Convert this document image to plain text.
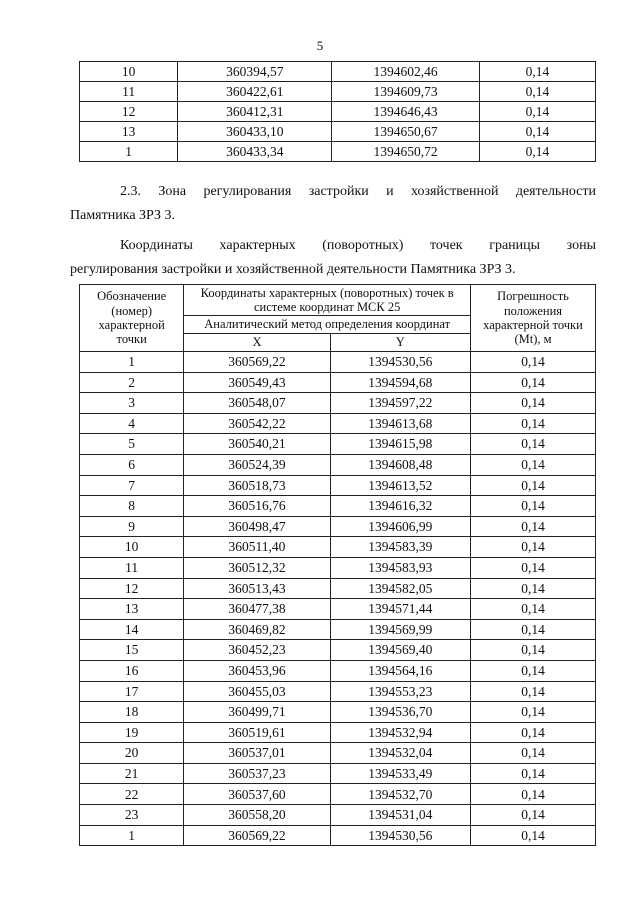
5
10	360394,57	1394602,46	0,14
11	360422,61	1394609,73	0,14
12	360412,31	1394646,43	0,14
13	360433,10	1394650,67	0,14
1	360433,34	1394650,72	0,14

2.3. Зона регулирования застройки и хозяйственной деятельности

Памятника ЗРЗ 3.

Координаты характерных (поворотных) точек границы зоны

регулирования застройки и хозяйственной деятельности Памятника ЗРЗ 3.

Обозначение (номер) характерной точки	Координаты характерных (поворотных) точек в системе координат МСК 25		Погрешность положения характерной точки (Mt), м
	Аналитический метод определения координат		
	X	Y	
1	360569,22	1394530,56	0,14
2	360549,43	1394594,68	0,14
3	360548,07	1394597,22	0,14
4	360542,22	1394613,68	0,14
5	360540,21	1394615,98	0,14
6	360524,39	1394608,48	0,14
7	360518,73	1394613,52	0,14
8	360516,76	1394616,32	0,14
9	360498,47	1394606,99	0,14
10	360511,40	1394583,39	0,14
11	360512,32	1394583,93	0,14
12	360513,43	1394582,05	0,14
13	360477,38	1394571,44	0,14
14	360469,82	1394569,99	0,14
15	360452,23	1394569,40	0,14
16	360453,96	1394564,16	0,14
17	360455,03	1394553,23	0,14
18	360499,71	1394536,70	0,14
19	360519,61	1394532,94	0,14
20	360537,01	1394532,04	0,14
21	360537,23	1394533,49	0,14
22	360537,60	1394532,70	0,14
23	360558,20	1394531,04	0,14
1	360569,22	1394530,56	0,14
